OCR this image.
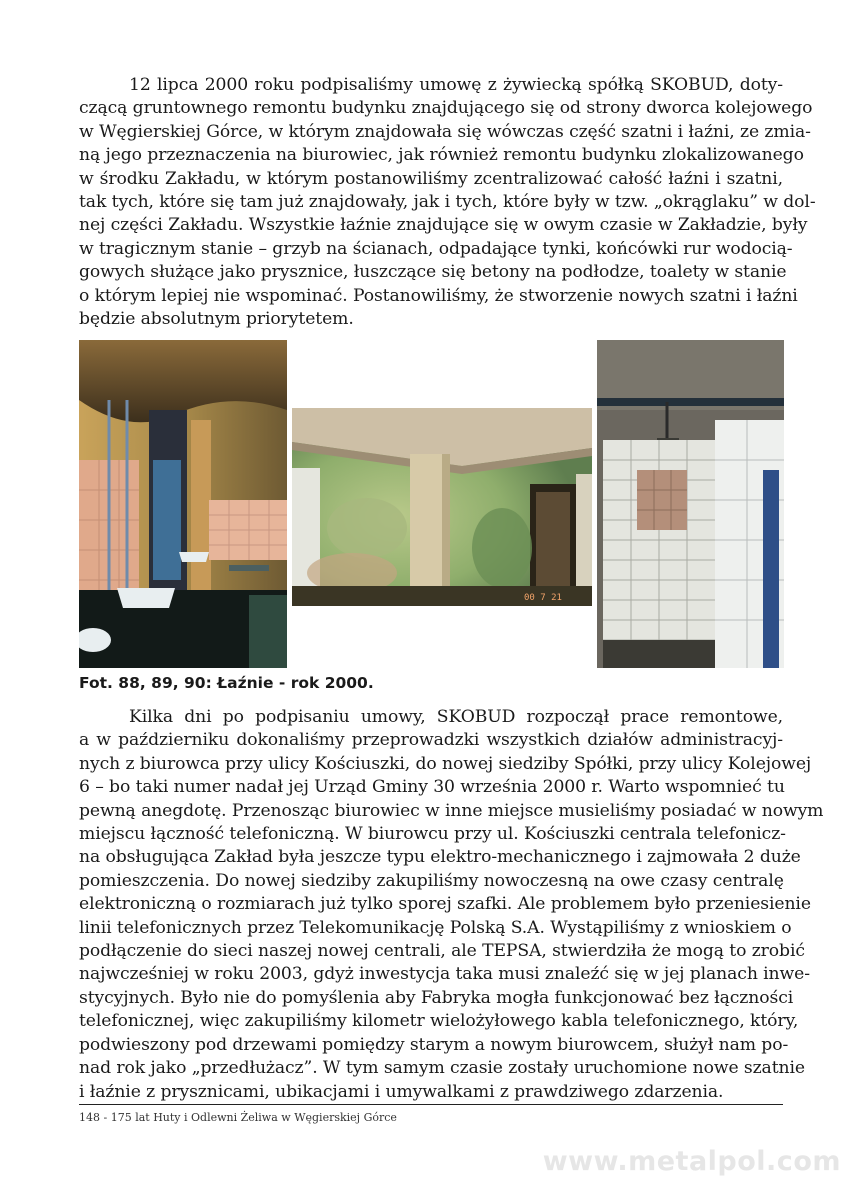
12 lipca 2000 roku podpisaliśmy umowę z żywiecką spółką SKOBUD, doty-
czącą gruntownego remontu budynku znajdującego się od strony dworca kolejowego
w Węgierskiej Górce, w którym znajdowała się wówczas część szatni i łaźni, ze zmia-
ną jego przeznaczenia na biurowiec, jak również remontu budynku zlokalizowanego
w środku Zakładu, w którym postanowiliśmy zcentralizować całość łaźni i szatni,
tak tych, które się tam już znajdowały, jak i tych, które były w tzw. „okrąglaku” w dol-
nej części Zakładu. Wszystkie łaźnie znajdujące się w owym czasie w Zakładzie, były
w tragicznym stanie – grzyb na ścianach, odpadające tynki, końcówki rur wodocią-
gowych służące jako prysznice, łuszczące się betony na podłodze, toalety w stanie
o którym lepiej nie wspominać. Postanowiliśmy, że stworzenie nowych szatni i łaźni
będzie absolutnym priorytetem.
00 7 21
Fot. 88, 89, 90: Łaźnie - rok 2000.
Kilka dni po podpisaniu umowy, SKOBUD rozpoczął prace remontowe,
a w październiku dokonaliśmy przeprowadzki wszystkich działów administracyj-
nych z biurowca przy ulicy Kościuszki, do nowej siedziby Spółki, przy ulicy Kolejowej
6 – bo taki numer nadał jej Urząd Gminy 30 września 2000 r. Warto wspomnieć tu
pewną anegdotę. Przenosząc biurowiec w inne miejsce musieliśmy posiadać w nowym
miejscu łączność telefoniczną. W biurowcu przy ul. Kościuszki centrala telefonicz-
na obsługująca Zakład była jeszcze typu elektro-mechanicznego i zajmowała 2 duże
pomieszczenia. Do nowej siedziby zakupiliśmy nowoczesną na owe czasy centralę
elektroniczną o rozmiarach już tylko sporej szafki. Ale problemem było przeniesienie
linii telefonicznych przez Telekomunikację Polską S.A. Wystąpiliśmy z wnioskiem o
podłączenie do sieci naszej nowej centrali, ale TEPSA, stwierdziła że mogą to zrobić
najwcześniej w roku 2003, gdyż inwestycja taka musi znaleźć się w jej planach inwe-
stycyjnych. Było nie do pomyślenia aby Fabryka mogła funkcjonować bez łączności
telefonicznej, więc zakupiliśmy kilometr wielożyłowego kabla telefonicznego, który,
podwieszony pod drzewami pomiędzy starym a nowym biurowcem, służył nam po-
nad rok jako „przedłużacz”. W tym samym czasie zostały uruchomione nowe szatnie
i łaźnie z prysznicami, ubikacjami i umywalkami z prawdziwego zdarzenia.
148 - 175 lat Huty i Odlewni Żeliwa w Węgierskiej Górce
www.metalpol.com
